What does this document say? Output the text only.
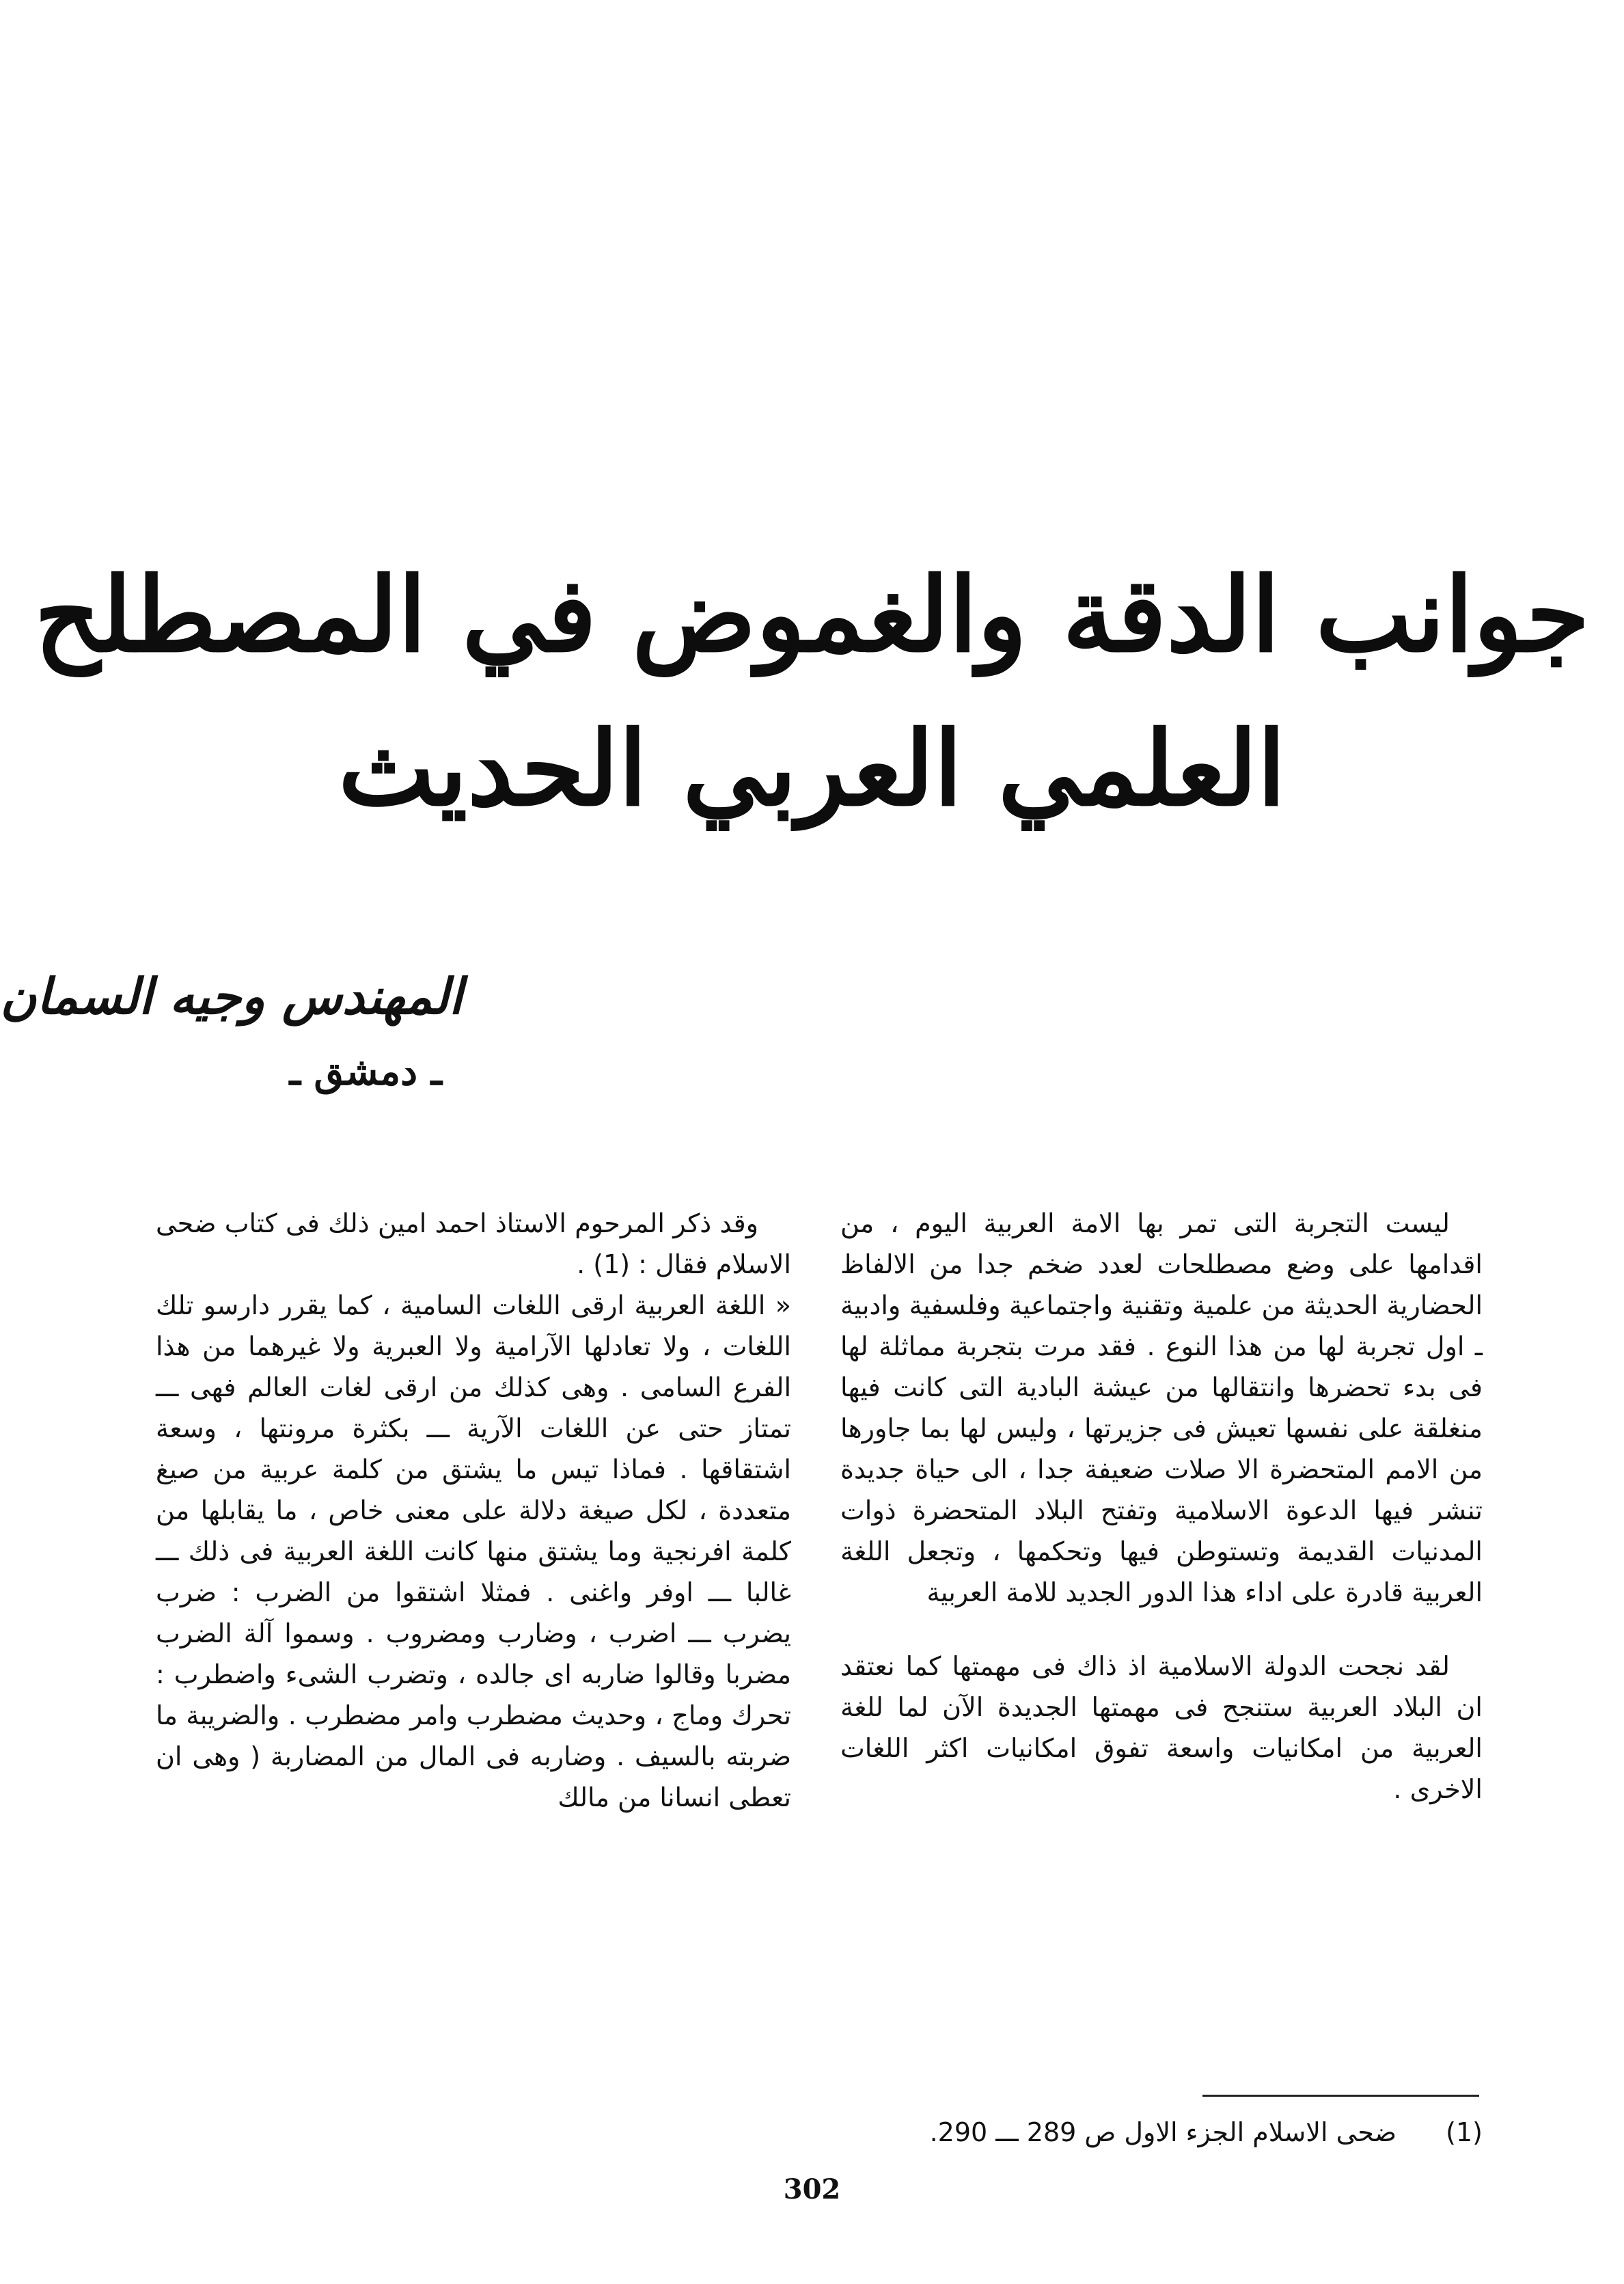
جوانب الدقة والغموض في المصطلح
العلمي العربي الحديث
المهندس وجيه السمان
ـ دمشق ـ

ليست التجربة التى تمر بها الامة العربية اليوم ، من اقدامها على وضع مصطلحات لعدد ضخم جدا من الالفاظ الحضارية الحديثة من علمية وتقنية واجتماعية وفلسفية وادبية ـ اول تجربة لها من هذا النوع . فقد مرت بتجربة مماثلة لها فى بدء تحضرها وانتقالها من عيشة البادية التى كانت فيها منغلقة على نفسها تعيش فى جزيرتها ، وليس لها بما جاورها من الامم المتحضرة الا صلات ضعيفة جدا ، الى حياة جديدة تنشر فيها الدعوة الاسلامية وتفتح البلاد المتحضرة ذوات المدنيات القديمة وتستوطن فيها وتحكمها ، وتجعل اللغة العربية قادرة على اداء هذا الدور الجديد للامة العربية

لقد نجحت الدولة الاسلامية اذ ذاك فى مهمتها كما نعتقد ان البلاد العربية ستنجح فى مهمتها الجديدة الآن لما للغة العربية من امكانيات واسعة تفوق امكانيات اكثر اللغات الاخرى .

وقد ذكر المرحوم الاستاذ احمد امين ذلك فى كتاب ضحى الاسلام فقال : (1) .

« اللغة العربية ارقى اللغات السامية ، كما يقرر دارسو تلك اللغات ، ولا تعادلها الآرامية ولا العبرية ولا غيرهما من هذا الفرع السامى . وهى كذلك من ارقى لغات العالم فهى ـــ تمتاز حتى عن اللغات الآرية ـــ بكثرة مرونتها ، وسعة اشتقاقها . فماذا تيس ما يشتق من كلمة عربية من صيغ متعددة ، لكل صيغة دلالة على معنى خاص ، ما يقابلها من كلمة افرنجية وما يشتق منها كانت اللغة العربية فى ذلك ـــ غالبا ـــ اوفر واغنى . فمثلا اشتقوا من الضرب : ضرب يضرب ـــ اضرب ، وضارب ومضروب . وسموا آلة الضرب مضربا وقالوا ضاربه اى جالده ، وتضرب الشىء واضطرب : تحرك وماج ، وحديث مضطرب وامر مضطرب . والضريبة ما ضربته بالسيف . وضاربه فى المال من المضاربة ( وهى ان تعطى انسانا من مالك

(1) ضحى الاسلام الجزء الاول ص 289 ـــ 290.
302
